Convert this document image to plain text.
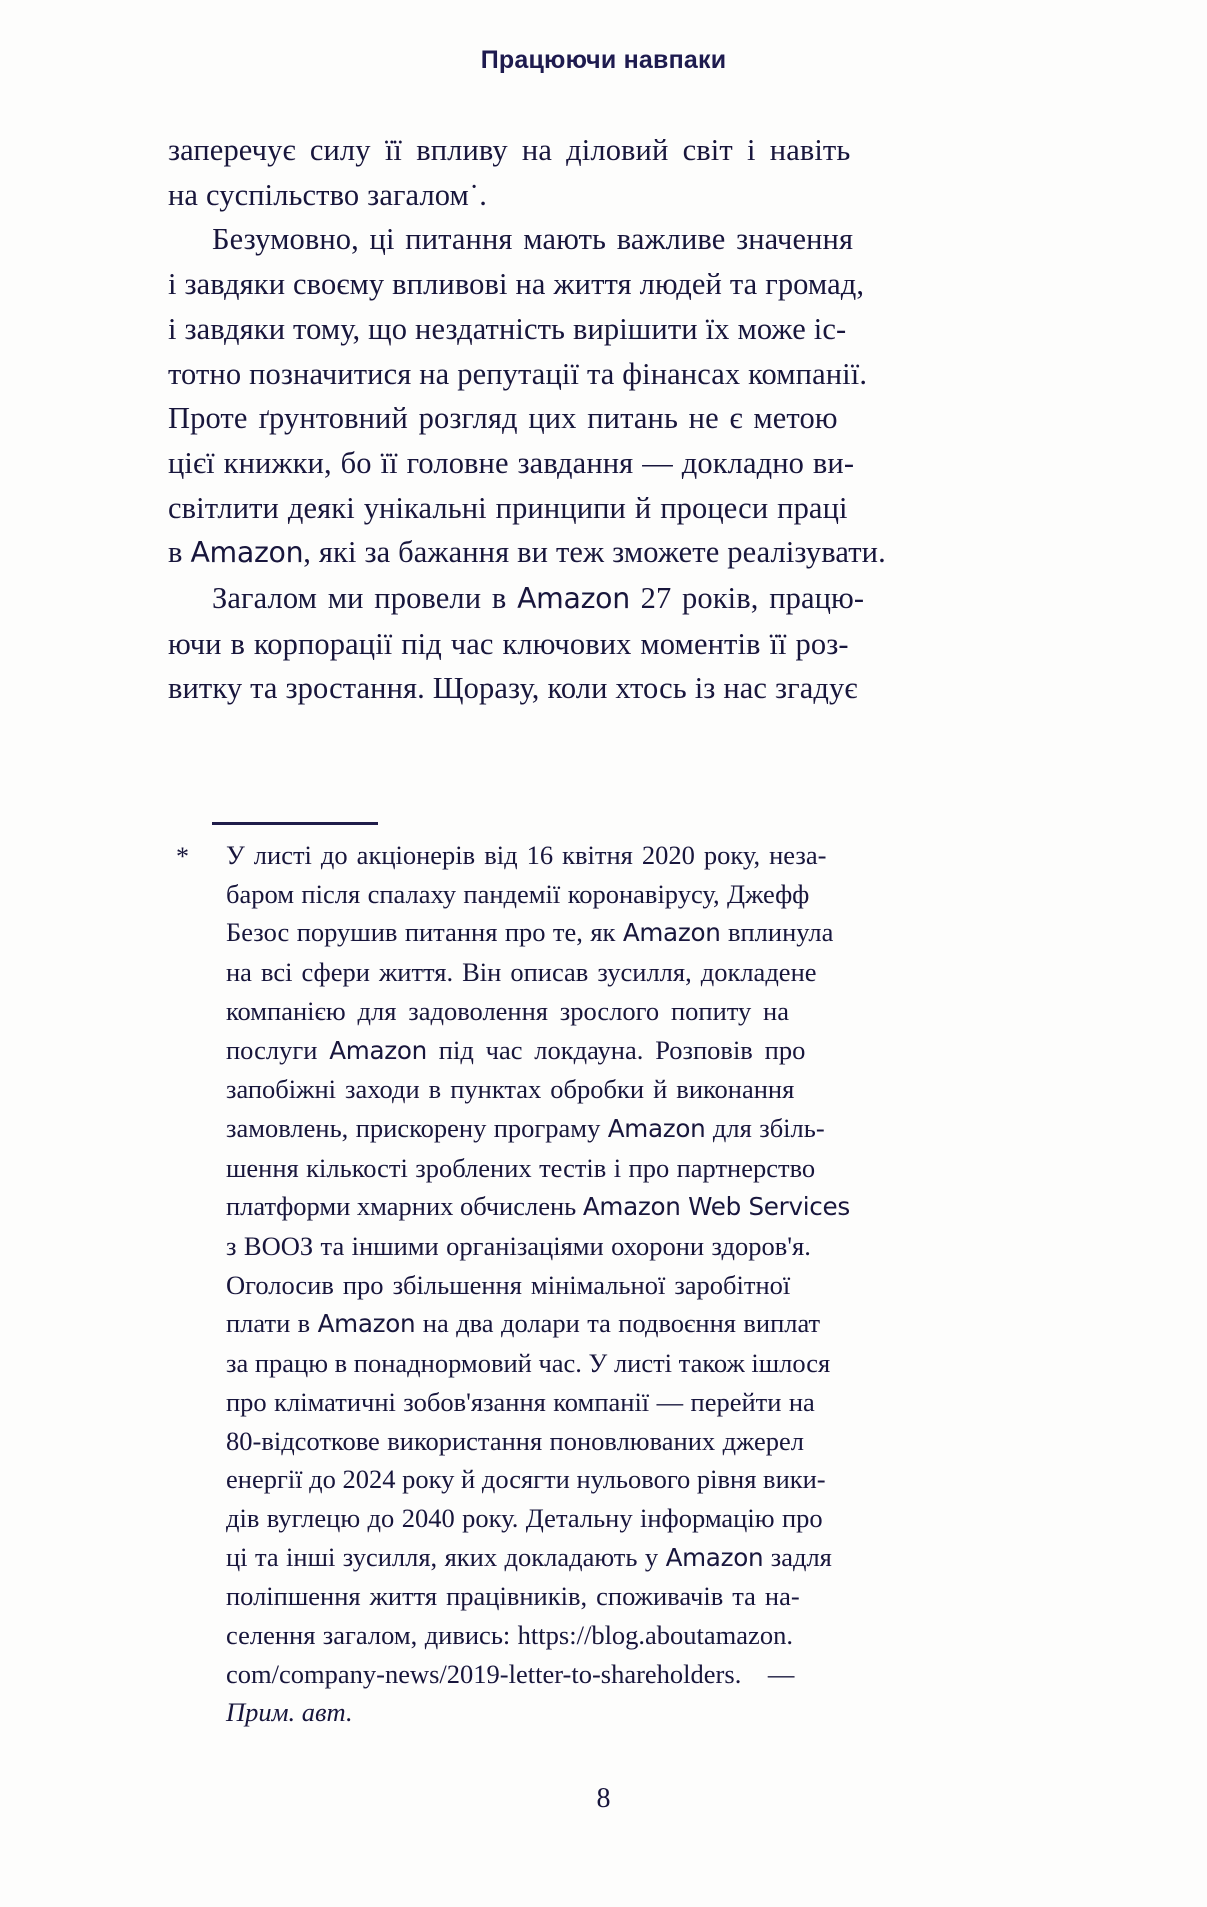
Працюючи навпаки
заперечує силу її впливу на діловий світ і навіть
на суспільство загалом˙.
Безумовно, ці питання мають важливе значення
і завдяки своєму впливові на життя людей та громад,
і завдяки тому, що нездатність вирішити їх може іс-
тотно позначитися на репутації та фінансах компанії.
Проте ґрунтовний розгляд цих питань не є метою
цієї книжки, бо її головне завдання — докладно ви-
світлити деякі унікальні принципи й процеси праці
в Amazon, які за бажання ви теж зможете реалізувати.
Загалом ми провели в Amazon 27 років, працю-
ючи в корпорації під час ключових моментів її роз-
витку та зростання. Щоразу, коли хтось із нас згадує
*	У листі до акціонерів від 16 квітня 2020 року, неза-
баром після спалаху пандемії коронавірусу, Джефф
Безос порушив питання про те, як Amazon вплинула
на всі сфери життя. Він описав зусилля, докладене
компанією для задоволення зрослого попиту на
послуги Amazon під час локдауна. Розповів про
запобіжні заходи в пунктах обробки й виконання
замовлень, прискорену програму Amazon для збіль-
шення кількості зроблених тестів і про партнерство
платформи хмарних обчислень Amazon Web Services
з ВООЗ та іншими організаціями охорони здоров'я.
Оголосив про збільшення мінімальної заробітної
плати в Amazon на два долари та подвоєння виплат
за працю в понаднормовий час. У листі також ішлося
про кліматичні зобов'язання компанії — перейти на
80-відсоткове використання поновлюваних джерел
енергії до 2024 року й досягти нульового рівня вики-
дів вуглецю до 2040 року. Детальну інформацію про
ці та інші зусилля, яких докладають у Amazon задля
поліпшення життя працівників, споживачів та на-
селення загалом, дивись: https://blog.aboutamazon.
com/company-news/2019-letter-to-shareholders.    —
Прим. авт.
8
